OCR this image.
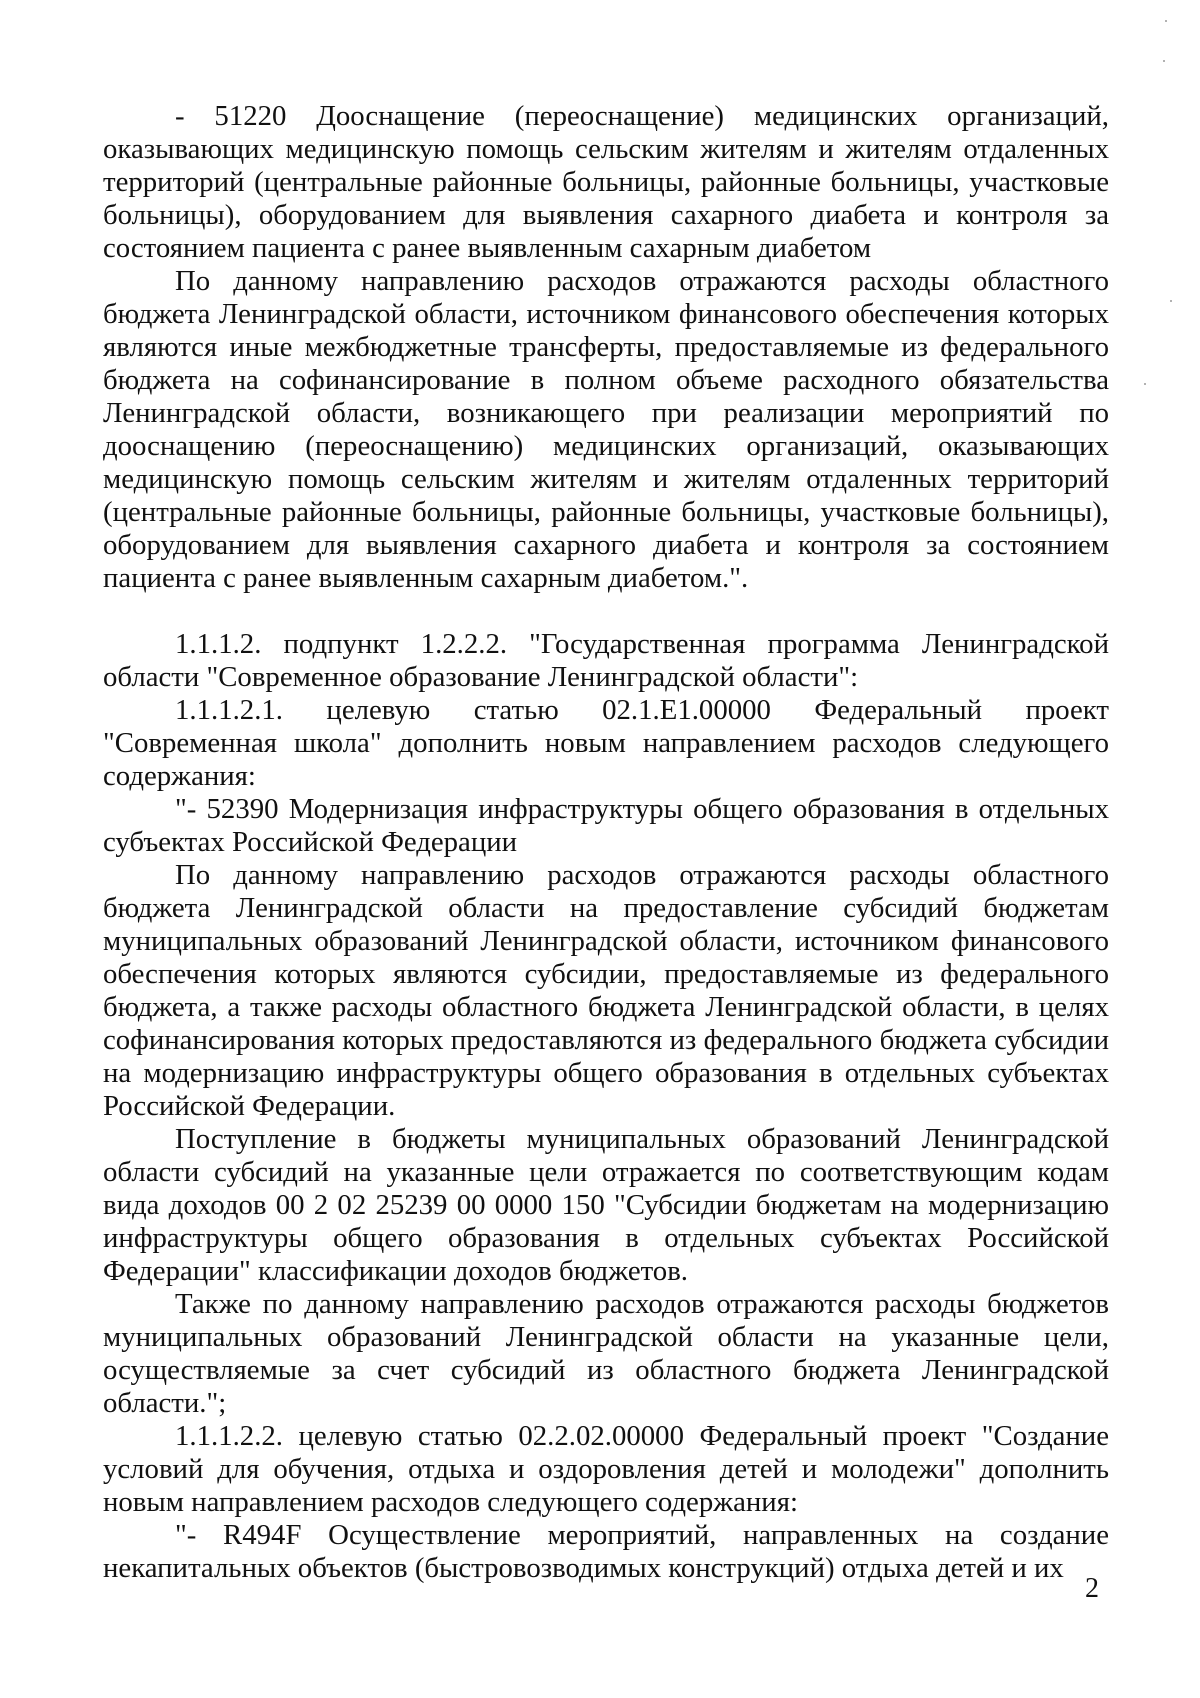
- 51220 Дооснащение (переоснащение) медицинских организаций, оказывающих медицинскую помощь сельским жителям и жителям отдаленных территорий (центральные районные больницы, районные больницы, участковые больницы), оборудованием для выявления сахарного диабета и контроля за состоянием пациента с ранее выявленным сахарным диабетом

По данному направлению расходов отражаются расходы областного бюджета Ленинградской области, источником финансового обеспечения которых являются иные межбюджетные трансферты, предоставляемые из федерального бюджета на софинансирование в полном объеме расходного обязательства Ленинградской области, возникающего при реализации мероприятий по дооснащению (переоснащению) медицинских организаций, оказывающих медицинскую помощь сельским жителям и жителям отдаленных территорий (центральные районные больницы, районные больницы, участковые больницы), оборудованием для выявления сахарного диабета и контроля за состоянием пациента с ранее выявленным сахарным диабетом.".

1.1.1.2. подпункт 1.2.2.2. "Государственная программа Ленинградской области "Современное образование Ленинградской области":

1.1.1.2.1. целевую статью 02.1.Е1.00000 Федеральный проект "Современная школа" дополнить новым направлением расходов следующего содержания:

"- 52390 Модернизация инфраструктуры общего образования в отдельных субъектах Российской Федерации

По данному направлению расходов отражаются расходы областного бюджета Ленинградской области на предоставление субсидий бюджетам муниципальных образований Ленинградской области, источником финансового обеспечения которых являются субсидии, предоставляемые из федерального бюджета, а также расходы областного бюджета Ленинградской области, в целях софинансирования которых предоставляются из федерального бюджета субсидии на модернизацию инфраструктуры общего образования в отдельных субъектах Российской Федерации.

Поступление в бюджеты муниципальных образований Ленинградской области субсидий на указанные цели отражается по соответствующим кодам вида доходов 00 2 02 25239 00 0000 150 "Субсидии бюджетам на модернизацию инфраструктуры общего образования в отдельных субъектах Российской Федерации" классификации доходов бюджетов.

Также по данному направлению расходов отражаются расходы бюджетов муниципальных образований Ленинградской области на указанные цели, осуществляемые за счет субсидий из областного бюджета Ленинградской области.";

1.1.1.2.2. целевую статью 02.2.02.00000 Федеральный проект "Создание условий для обучения, отдыха и оздоровления детей и молодежи" дополнить новым направлением расходов следующего содержания:

"- R494F Осуществление мероприятий, направленных на создание некапитальных объектов (быстровозводимых конструкций) отдыха детей и их

2
